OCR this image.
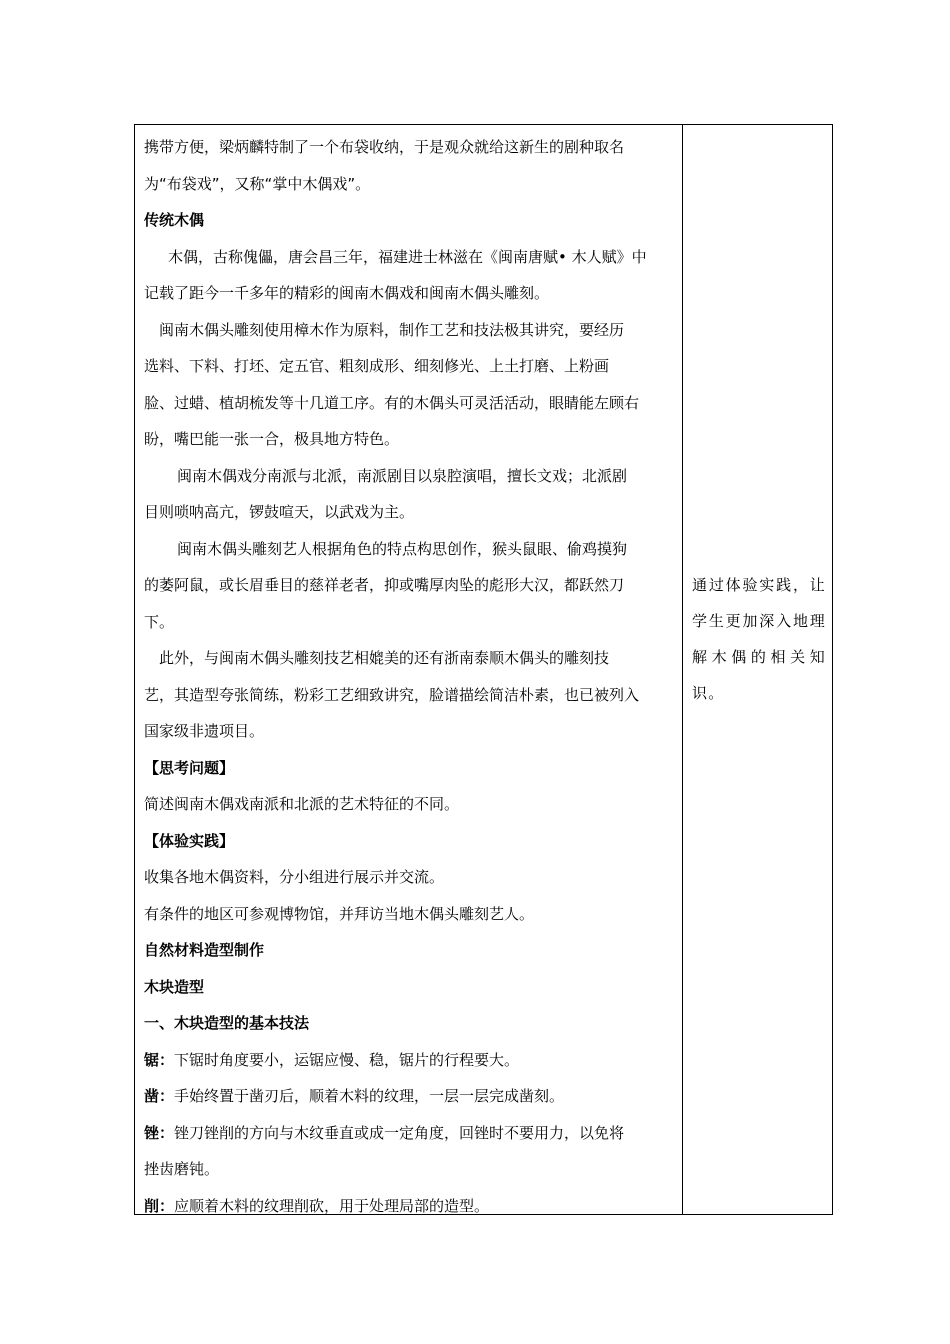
携带方便，梁炳麟特制了一个布袋收纳，于是观众就给这新生的剧种取名

为“布袋戏”，又称“掌中木偶戏”。

传统木偶

木偶，古称傀儡，唐会昌三年，福建进士林滋在《闽南唐赋• 木人赋》中

记载了距今一千多年的精彩的闽南木偶戏和闽南木偶头雕刻。

闽南木偶头雕刻使用樟木作为原料，制作工艺和技法极其讲究，要经历

选料、下料、打坯、定五官、粗刻成形、细刻修光、上土打磨、上粉画

脸、过蜡、植胡梳发等十几道工序。有的木偶头可灵活活动，眼睛能左顾右

盼，嘴巴能一张一合，极具地方特色。

闽南木偶戏分南派与北派，南派剧目以泉腔演唱，擅长文戏；北派剧

目则唢呐高亢，锣鼓喧天，以武戏为主。

闽南木偶头雕刻艺人根据角色的特点构思创作，猴头鼠眼、偷鸡摸狗

的萎阿鼠，或长眉垂目的慈祥老者，抑或嘴厚肉坠的彪形大汉，都跃然刀

下。

此外，与闽南木偶头雕刻技艺相媲美的还有浙南泰顺木偶头的雕刻技

艺，其造型夸张简练，粉彩工艺细致讲究，脸谱描绘简洁朴素，也已被列入

国家级非遗项目。

【思考问题】

简述闽南木偶戏南派和北派的艺术特征的不同。

【体验实践】

收集各地木偶资料，分小组进行展示并交流。

有条件的地区可参观博物馆，并拜访当地木偶头雕刻艺人。

自然材料造型制作

木块造型

一、木块造型的基本技法

锯：下锯时角度要小，运锯应慢、稳，锯片的行程要大。

凿：手始终置于凿刃后，顺着木料的纹理，一层一层完成凿刻。

锉：锉刀锉削的方向与木纹垂直或成一定角度，回锉时不要用力，以免将

挫齿磨钝。

削：应顺着木料的纹理削砍，用于处理局部的造型。

通过体验实践，让学生更加深入地理解木偶的相关知识。
